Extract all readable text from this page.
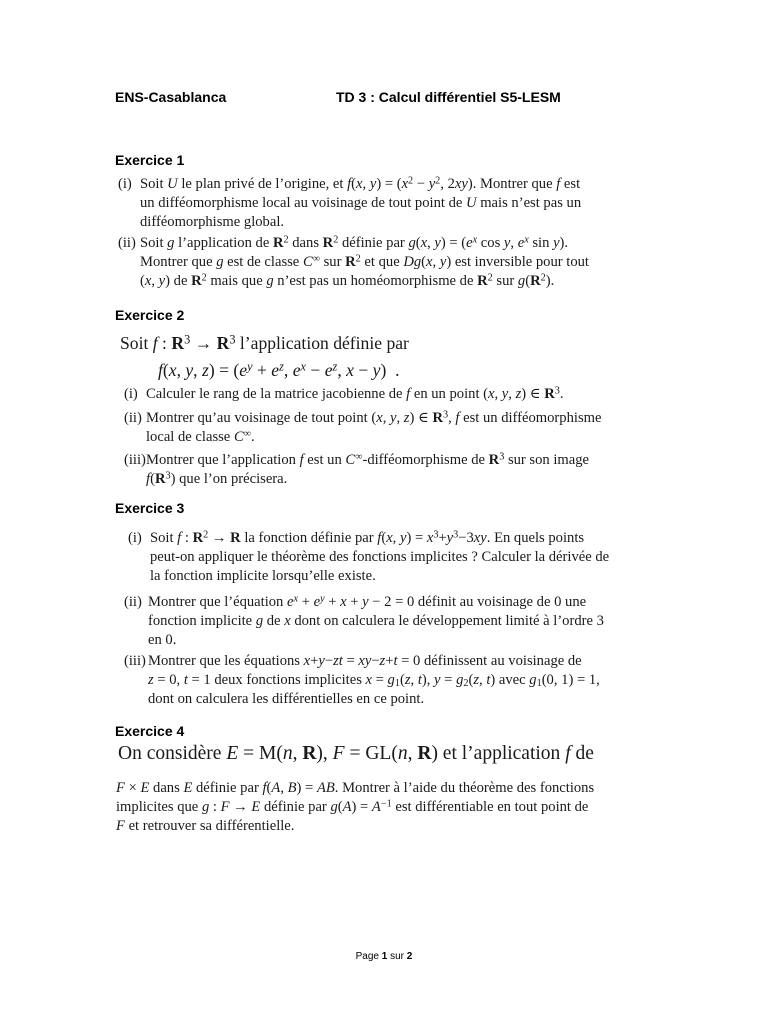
ENS-Casablanca	TD 3 : Calcul différentiel S5-LESM
Exercice 1
(i) Soit U le plan privé de l’origine, et f(x, $y) = (x^2 - y^2$, 2xy). Montrer que f est
un difféomorphisme local au voisinage de tout point de U mais n’est pas un
difféomorphisme global.
(ii) Soit g l’application de $R^2$ dans $R^2$ définie par g(x, $y) = (e^x$ cos y, $e^x$ sin y).
Montrer que g est de classe C∞ sur $R^2$ et que Dg(x, y) est inversible pour tout
(x, y) de $R^2$ mais que g n’est pas un homéomorphisme de $R^2$ sur $g(R^2)$.
Exercice 2
Soit f : $R^3 \to R^3$ l’application définie par
f(x, y, $z) = (e^y + e^z$, $e^x - e^z$, x − y)  .
(i) Calculer le rang de la matrice jacobienne de f en un point (x, y, z) ∈ $R^3$.
(ii) Montrer qu’au voisinage de tout point (x, y, z) ∈ $R^3$, f est un difféomorphisme
local de classe C∞.
(iii) Montrer que l’application f est un C∞-difféomorphisme de $R^3$ sur son image
$f(R^3)$ que l’on précisera.
Exercice 3
(i) Soit f : $R^2 \to R$ la fonction définie par f(x, $y) = x^3+y^3-3xy$. En quels points
peut-on appliquer le théorème des fonctions implicites ? Calculer la dérivée de
la fonction implicite lorsqu’elle existe.
(ii) Montrer que l’équation $e^x + e^y + x + y - 2 = 0$ définit au voisinage de 0 une
fonction implicite g de x dont on calculera le développement limité à l’ordre 3
en 0.
(iii) Montrer que les équations x+y−zt = xy−z+t = 0 définissent au voisinage de
z = 0, t = 1 deux fonctions implicites $x = g_1(z$, t), $y = g_2(z$, t) avec $g_1(0$, 1) = 1,
dont on calculera les différentielles en ce point.
Exercice 4
On considère E = M(n, R), F = GL(n, R) et l’application f de
F × E dans E définie par f(A, B) = AB. Montrer à l’aide du théorème des fonctions
implicites que g : F → E définie par $g(A) = A^{-1}$ est différentiable en tout point de
F et retrouver sa différentielle.
Page 1 sur 2
